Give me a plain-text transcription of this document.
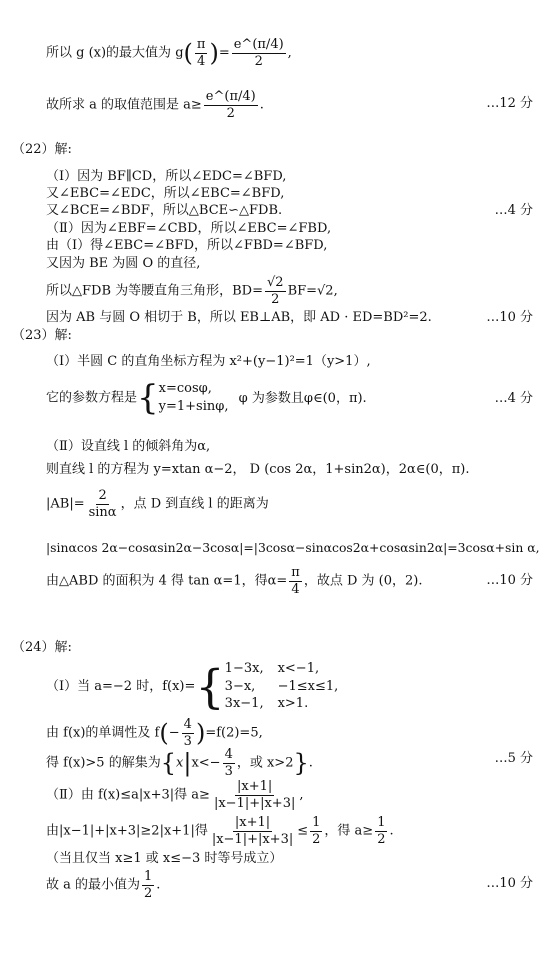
所以 g (x)的最大值为 $g( \frac{\pi}{4}$ )= $\frac{e\^{}(\pi/4)}{2}$ ,
故所求 a 的取值范围是 $a\ge \frac{e\^{}(\pi/4)}{2}$ .	…12 分
（22）解:
（Ⅰ）因为 BF∥CD，所以∠EDC=∠BFD,
又∠EBC=∠EDC，所以∠EBC=∠BFD,
又∠BCE=∠BDF，所以△BCE∽△FDB.	…4 分
（Ⅱ）因为∠EBF=∠CBD，所以∠EBC=∠FBD,
由（Ⅰ）得∠EBC=∠BFD，所以∠FBD=∠BFD,
又因为 BE 为圆 O 的直径,
所以△FDB 为等腰直角三角形，$BD= \frac{√2}{2} BF=√2$,
因为 AB 与圆 O 相切于 B，所以 EB⊥AB，即 AD · ED=BD²=2.	…10 分
（23）解:
（Ⅰ）半圆 C 的直角坐标方程为 x²+(y−1)²=1（y>1）,
它的参数方程是{ x=cosφ,
y=1+sinφ,
φ 为参数且φ∈(0，π).	…4 分
（Ⅱ）设直线 l 的倾斜角为α,
则直线 l 的方程为 y=xtan α−2， D (cos 2α，1+sin2α)，2α∈(0，π).
$|AB|= \frac{2}{\sin\alpha}$ ，点 D 到直线 l 的距离为
|sinαcos 2α−cosαsin2α−3cosα|=|3cosα−sinαcos2α+cosαsin2α|=3cosα+sin α,
由△ABD 的面积为 4 得 tan α=1，得$\alpha= \frac{\pi}{4}$ ，故点 D 为 (0，2).	…10 分
（24）解:
（Ⅰ）当 a=−2 时，f(x)={ 1−3x, x<−1,
3−x,	−1≤x≤1,
3x−1, x>1.
由 f(x)的单调性及 $f(- \frac{4}{3} )=f(2)=5$,
得 f(x)>5 的解集为{$x|x<- \frac{4}{3}$ ，或 x>2}.	…5 分
（Ⅱ）由 f(x)≤a|x+3|得 $a\ge \frac{|x+1|}{|x-1|+|x+3|}$ ,
由|x−1|+|x+3|≥2|x+1|得 $\frac{|x+1|}{|x-1|+|x+3|} \le \frac{1}{2}$ ，得 $a\ge \frac{1}{2}$ .
（当且仅当 x≥1 或 x≤−3 时等号成立）
故 a 的最小值为 $\frac{1}{2}$ .	…10 分
